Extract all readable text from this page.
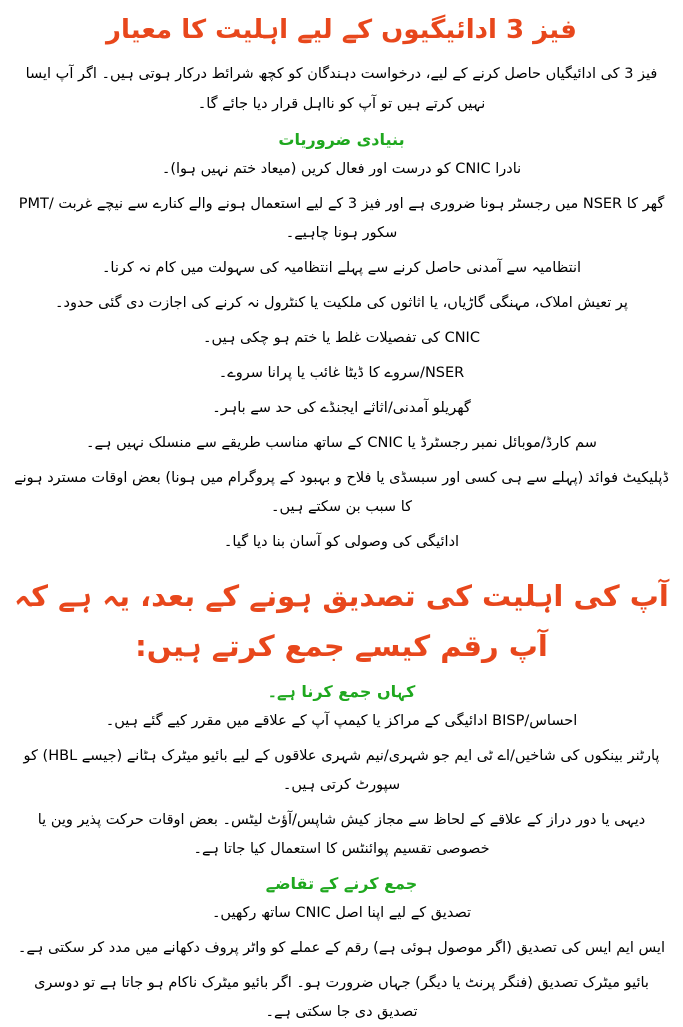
فیز 3 ادائیگیوں کے لیے اہلیت کا معیار

فیز 3 کی ادائیگیاں حاصل کرنے کے لیے، درخواست دہندگان کو کچھ شرائط درکار ہوتی ہیں۔ اگر آپ ایسا نہیں کرتے ہیں تو آپ کو نااہل قرار دیا جائے گا۔

بنیادی ضروریات

نادرا CNIC کو درست اور فعال کریں (میعاد ختم نہیں ہوا)۔

گھر کا NSER میں رجسٹر ہونا ضروری ہے اور فیز 3 کے لیے استعمال ہونے والے کنارے سے نیچے غربت /PMT سکور ہونا چاہیے۔

انتظامیہ سے آمدنی حاصل کرنے سے پہلے انتظامیہ کی سہولت میں کام نہ کرنا۔

پر تعیش املاک، مہنگی گاڑیاں، یا اثاثوں کی ملکیت یا کنٹرول نہ کرنے کی اجازت دی گئی حدود۔

CNIC کی تفصیلات غلط یا ختم ہو چکی ہیں۔

NSER/سروے کا ڈیٹا غائب یا پرانا سروے۔

گھریلو آمدنی/اثاثے ایجنڈے کی حد سے باہر۔

سم کارڈ/موبائل نمبر رجسٹرڈ یا CNIC کے ساتھ مناسب طریقے سے منسلک نہیں ہے۔

ڈپلیکیٹ فوائد (پہلے سے ہی کسی اور سبسڈی یا فلاح و بہبود کے پروگرام میں ہونا) بعض اوقات مسترد ہونے کا سبب بن سکتے ہیں۔

ادائیگی کی وصولی کو آسان بنا دیا گیا۔

آپ کی اہلیت کی تصدیق ہونے کے بعد، یہ ہے کہ آپ رقم کیسے جمع کرتے ہیں:
کہاں جمع کرنا ہے۔

احساس/BISP ادائیگی کے مراکز یا کیمپ آپ کے علاقے میں مقرر کیے گئے ہیں۔

پارٹنر بینکوں کی شاخیں/اے ٹی ایم جو شہری/نیم شہری علاقوں کے لیے بائیو میٹرک ہٹانے (جیسے HBL) کو سپورٹ کرتی ہیں۔

دیہی یا دور دراز کے علاقے کے لحاظ سے مجاز کیش شاپس/آؤٹ لیٹس۔ بعض اوقات حرکت پذیر وین یا خصوصی تقسیم پوائنٹس کا استعمال کیا جاتا ہے۔

جمع کرنے کے تقاضے

تصدیق کے لیے اپنا اصل CNIC ساتھ رکھیں۔

ایس ایم ایس کی تصدیق (اگر موصول ہوئی ہے) رقم کے عملے کو واٹر پروف دکھانے میں مدد کر سکتی ہے۔

بائیو میٹرک تصدیق (فنگر پرنٹ یا دیگر) جہاں ضرورت ہو۔ اگر بائیو میٹرک ناکام ہو جاتا ہے تو دوسری تصدیق دی جا سکتی ہے۔
